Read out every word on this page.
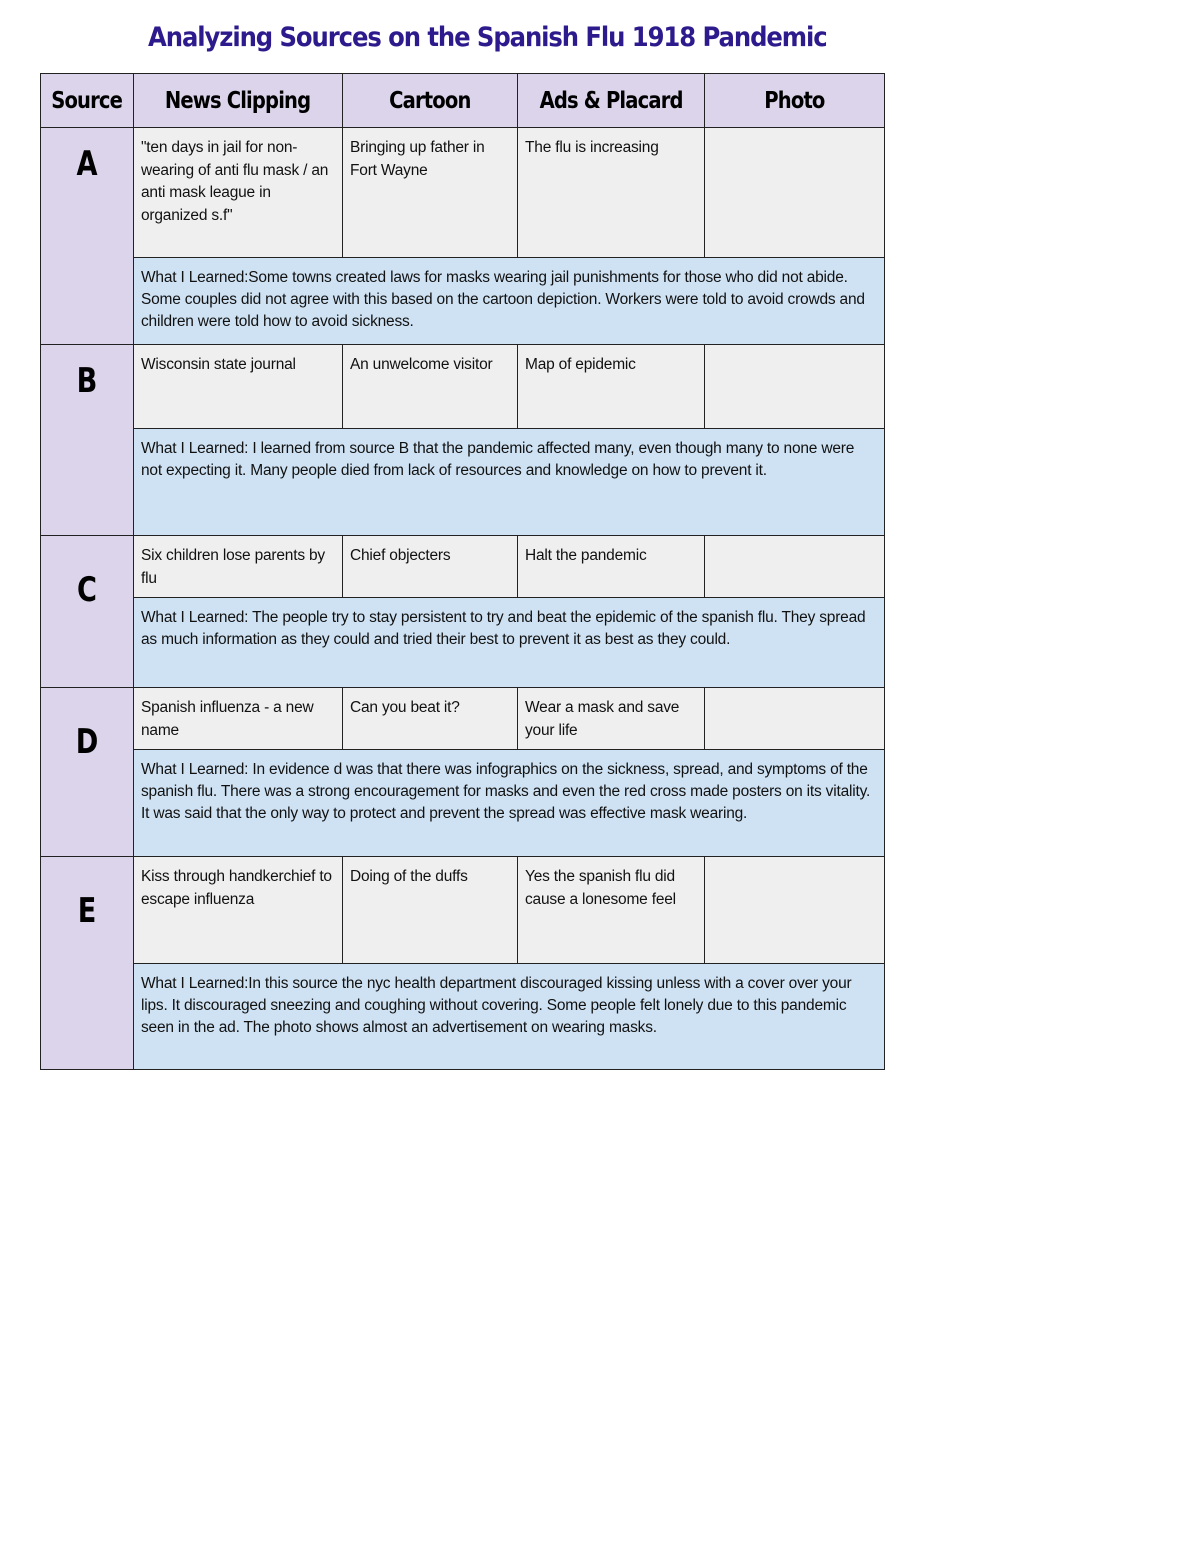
Analyzing Sources on the Spanish Flu 1918 Pandemic
Source	News Clipping	Cartoon	Ads & Placard	Photo

A	"ten days in jail for non-wearing of anti flu mask / an anti mask league in organized s.f"	Bringing up father in Fort Wayne	The flu is increasing	
	What I Learned:Some towns created laws for masks wearing jail punishments for those who did not abide. Some couples did not agree with this based on the cartoon depiction. Workers were told to avoid crowds and children were told how to avoid sickness.			

B	Wisconsin state journal	An unwelcome visitor	Map of epidemic	
	What I Learned: I learned from source B that the pandemic affected many, even though many to none were not expecting it. Many people died from lack of resources and knowledge on how to prevent it.			

C	Six children lose parents by flu	Chief objecters	Halt the pandemic	
	What I Learned: The people try to stay persistent to try and beat the epidemic of the spanish flu. They spread as much information as they could and tried their best to prevent it as best as they could.			

D	Spanish influenza - a new name	Can you beat it?	Wear a mask and save your life	
	What I Learned: In evidence d was that there was infographics on the sickness, spread, and symptoms of the spanish flu. There was a strong encouragement for masks and even the red cross made posters on its vitality. It was said that the only way to protect and prevent the spread was effective mask wearing.			

E	Kiss through handkerchief to escape influenza	Doing of the duffs	Yes the spanish flu did cause a lonesome feel	
	What I Learned:In this source the nyc health department discouraged kissing unless with a cover over your lips. It discouraged sneezing and coughing without covering. Some people felt lonely due to this pandemic seen in the ad. The photo shows almost an advertisement on wearing masks.			
